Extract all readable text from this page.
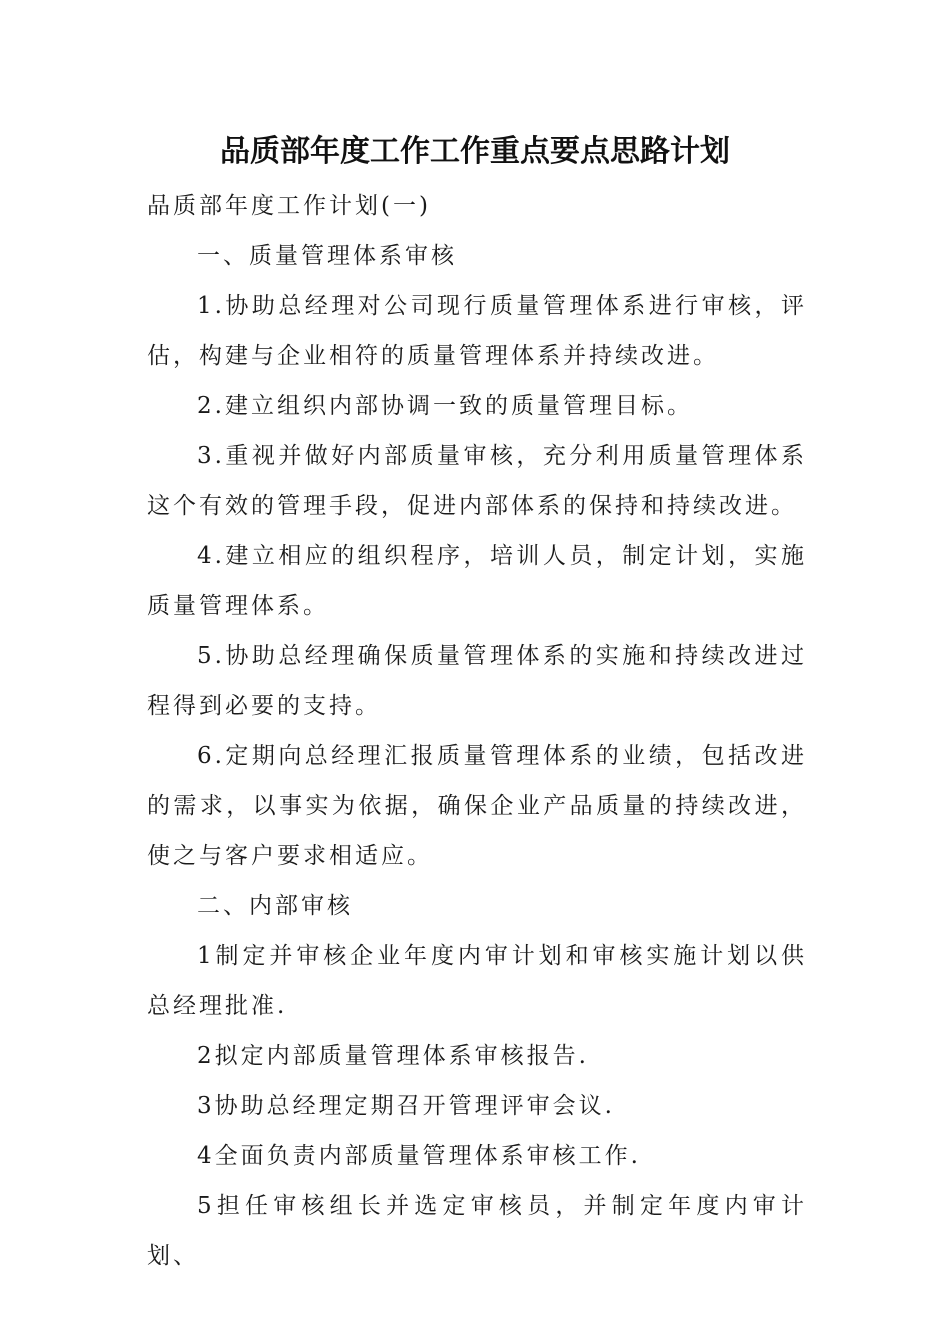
品质部年度工作工作重点要点思路计划

品质部年度工作计划(一)

一、质量管理体系审核

1.协助总经理对公司现行质量管理体系进行审核，评估，构建与企业相符的质量管理体系并持续改进。

2.建立组织内部协调一致的质量管理目标。

3.重视并做好内部质量审核，充分利用质量管理体系这个有效的管理手段，促进内部体系的保持和持续改进。

4.建立相应的组织程序，培训人员，制定计划，实施质量管理体系。

5.协助总经理确保质量管理体系的实施和持续改进过程得到必要的支持。

6.定期向总经理汇报质量管理体系的业绩，包括改进的需求，以事实为依据，确保企业产品质量的持续改进，使之与客户要求相适应。

二、内部审核

1制定并审核企业年度内审计划和审核实施计划以供总经理批准.

2拟定内部质量管理体系审核报告.

3协助总经理定期召开管理评审会议.

4全面负责内部质量管理体系审核工作.

5担任审核组长并选定审核员，并制定年度内审计划、
